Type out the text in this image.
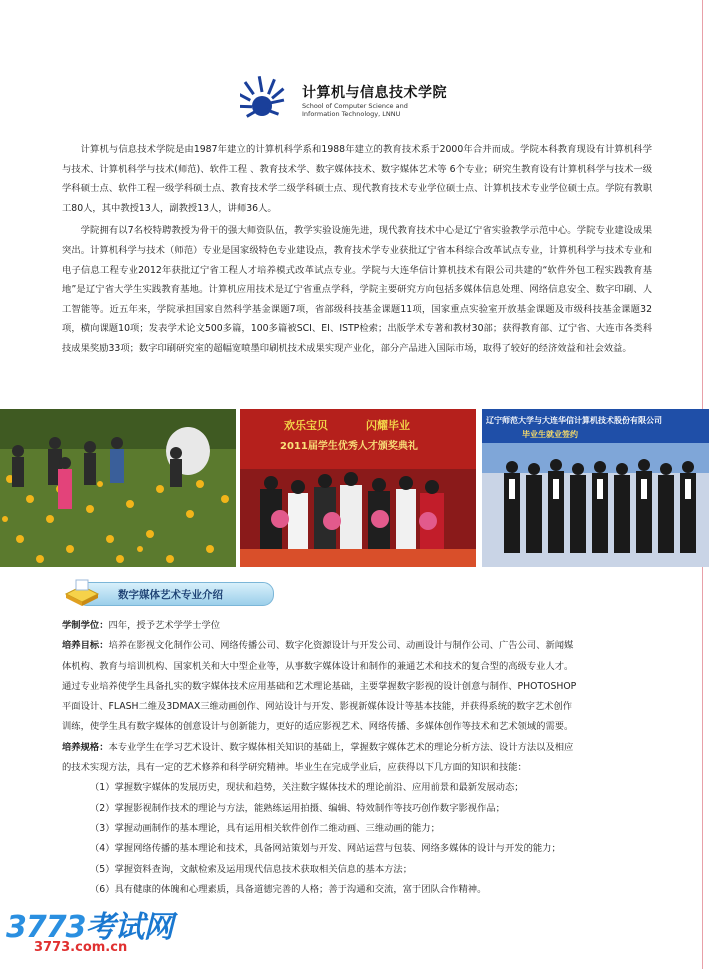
计算机与信息技术学院
School of Computer Science and
Information Technology, LNNU

计算机与信息技术学院是由1987年建立的计算机科学系和1988年建立的教育技术系于2000年合并而成。学院本科教育现设有计算机科学与技术、计算机科学与技术(师范)、软件工程 、教育技术学、数字媒体技术、数字媒体艺术等 6个专业；研究生教育设有计算机科学与技术一级学科硕士点、软件工程一级学科硕士点、教育技术学二级学科硕士点、现代教育技术专业学位硕士点、计算机技术专业学位硕士点。学院有教职工80人，其中教授13人，副教授13人，讲师36人。

学院拥有以7名校特聘教授为骨干的强大师资队伍，教学实验设施先进，现代教育技术中心是辽宁省实验教学示范中心。学院专业建设成果突出。计算机科学与技术（师范）专业是国家级特色专业建设点，教育技术学专业获批辽宁省本科综合改革试点专业，计算机科学与技术专业和电子信息工程专业2012年获批辽宁省工程人才培养模式改革试点专业。学院与大连华信计算机技术有限公司共建的“软件外包工程实践教育基地”是辽宁省大学生实践教育基地。计算机应用技术是辽宁省重点学科，学院主要研究方向包括多媒体信息处理、网络信息安全、数字印刷、人工智能等。近五年来，学院承担国家自然科学基金课题7项，省部级科技基金课题11项，国家重点实验室开放基金课题及市级科技基金课题32项，横向课题10项；发表学术论文500多篇，100多篇被SCI、EI、ISTP检索；出版学术专著和教材30部；获得教育部、辽宁省、大连市各类科技成果奖励33项；数字印刷研究室的超幅宽喷墨印刷机技术成果实现产业化，部分产品进入国际市场，取得了较好的经济效益和社会效益。

欢乐宝贝	闪耀毕业
2011届学生优秀人才颁奖典礼
辽宁师范大学与大连华信计算机技术股份有限公司
毕业生就业签约
数字媒体艺术专业介绍

学制学位：四年，授予艺术学学士学位

培养目标：培养在影视文化制作公司、网络传播公司、数字化资源设计与开发公司、动画设计与制作公司、广告公司、新闻媒

体机构、教育与培训机构、国家机关和大中型企业等，从事数字媒体设计和制作的兼通艺术和技术的复合型的高级专业人才。

通过专业培养使学生具备扎实的数字媒体技术应用基础和艺术理论基础，主要掌握数字影视的设计创意与制作、PHOTOSHOP

平面设计、FLASH二维及3DMAX三维动画创作、网站设计与开发、影视新媒体设计等基本技能，并获得系统的数字艺术创作

训练，使学生具有数字媒体的创意设计与创新能力，更好的适应影视艺术、网络传播、多媒体创作等技术和艺术领域的需要。

培养规格：本专业学生在学习艺术设计、数字媒体相关知识的基础上，掌握数字媒体艺术的理论分析方法、设计方法以及相应

的技术实现方法，具有一定的艺术修养和科学研究精神。毕业生在完成学业后，应获得以下几方面的知识和技能：

（1）掌握数字媒体的发展历史，现状和趋势，关注数字媒体技术的理论前沿、应用前景和最新发展动态；

（2）掌握影视制作技术的理论与方法，能熟练运用拍摄、编辑、特效制作等技巧创作数字影视作品；

（3）掌握动画制作的基本理论，具有运用相关软件创作二维动画、三维动画的能力；

（4）掌握网络传播的基本理论和技术，具备网站策划与开发、网站运营与包装、网络多媒体的设计与开发的能力；

（5）掌握资料查询，文献检索及运用现代信息技术获取相关信息的基本方法；

（6）具有健康的体魄和心理素质，具备道德完善的人格；善于沟通和交流，富于团队合作精神。

3773考试网
3773.com.cn
